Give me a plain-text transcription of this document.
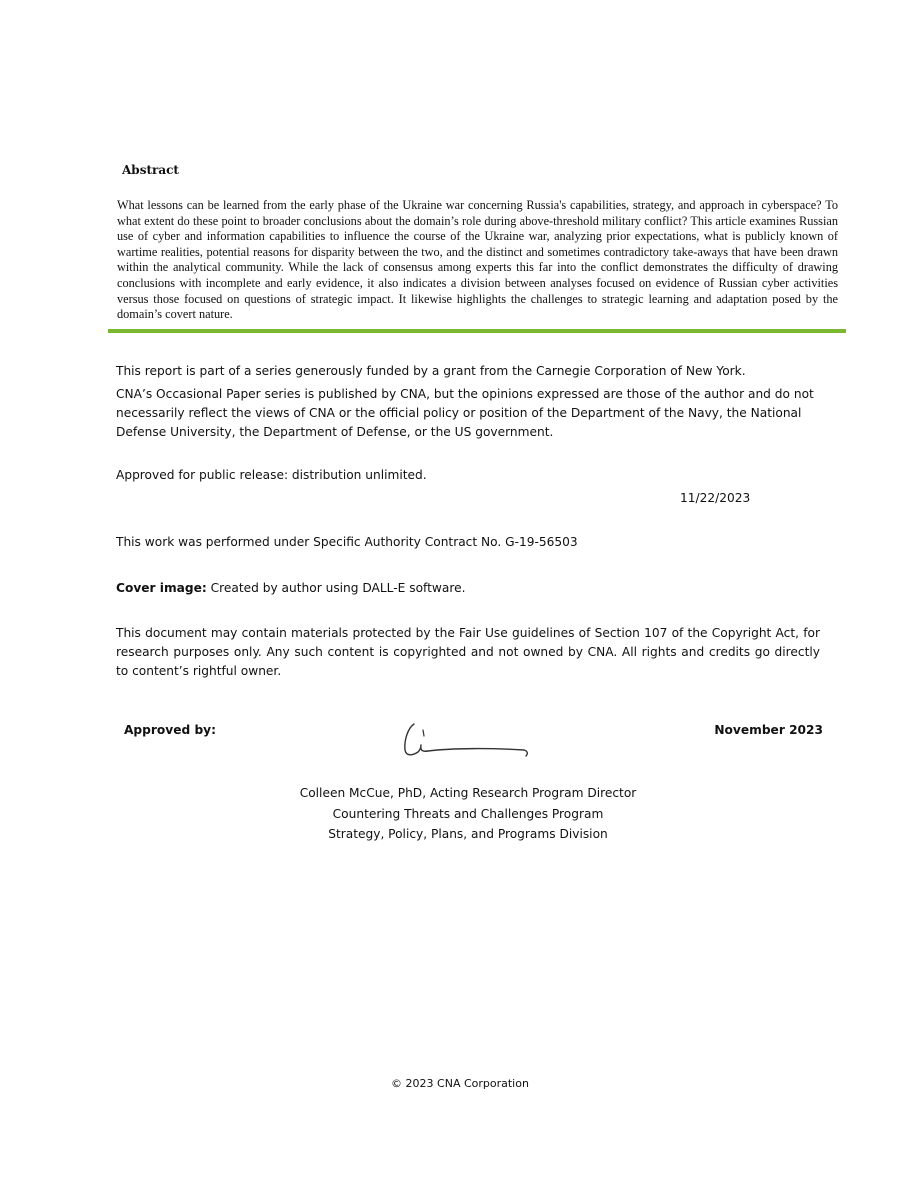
Abstract

What lessons can be learned from the early phase of the Ukraine war concerning Russia's capabilities, strategy, and approach in cyberspace? To what extent do these point to broader conclusions about the domain’s role during above-threshold military conflict? This article examines Russian use of cyber and information capabilities to influence the course of the Ukraine war, analyzing prior expectations, what is publicly known of wartime realities, potential reasons for disparity between the two, and the distinct and sometimes contradictory take-aways that have been drawn within the analytical community. While the lack of consensus among experts this far into the conflict demonstrates the difficulty of drawing conclusions with incomplete and early evidence, it also indicates a division between analyses focused on evidence of Russian cyber activities versus those focused on questions of strategic impact. It likewise highlights the challenges to strategic learning and adaptation posed by the domain’s covert nature.

This report is part of a series generously funded by a grant from the Carnegie Corporation of New York.

CNA’s Occasional Paper series is published by CNA, but the opinions expressed are those of the author and do not necessarily reflect the views of CNA or the official policy or position of the Department of the Navy, the National Defense University, the Department of Defense, or the US government.

Approved for public release: distribution unlimited.

11/22/2023

This work was performed under Specific Authority Contract No. G-19-56503

Cover image: Created by author using DALL-E software.

This document may contain materials protected by the Fair Use guidelines of Section 107 of the Copyright Act, for research purposes only. Any such content is copyrighted and not owned by CNA. All rights and credits go directly to content’s rightful owner.

Approved by:	November 2023
Colleen McCue, PhD, Acting Research Program Director
Countering Threats and Challenges Program
Strategy, Policy, Plans, and Programs Division
© 2023 CNA Corporation
